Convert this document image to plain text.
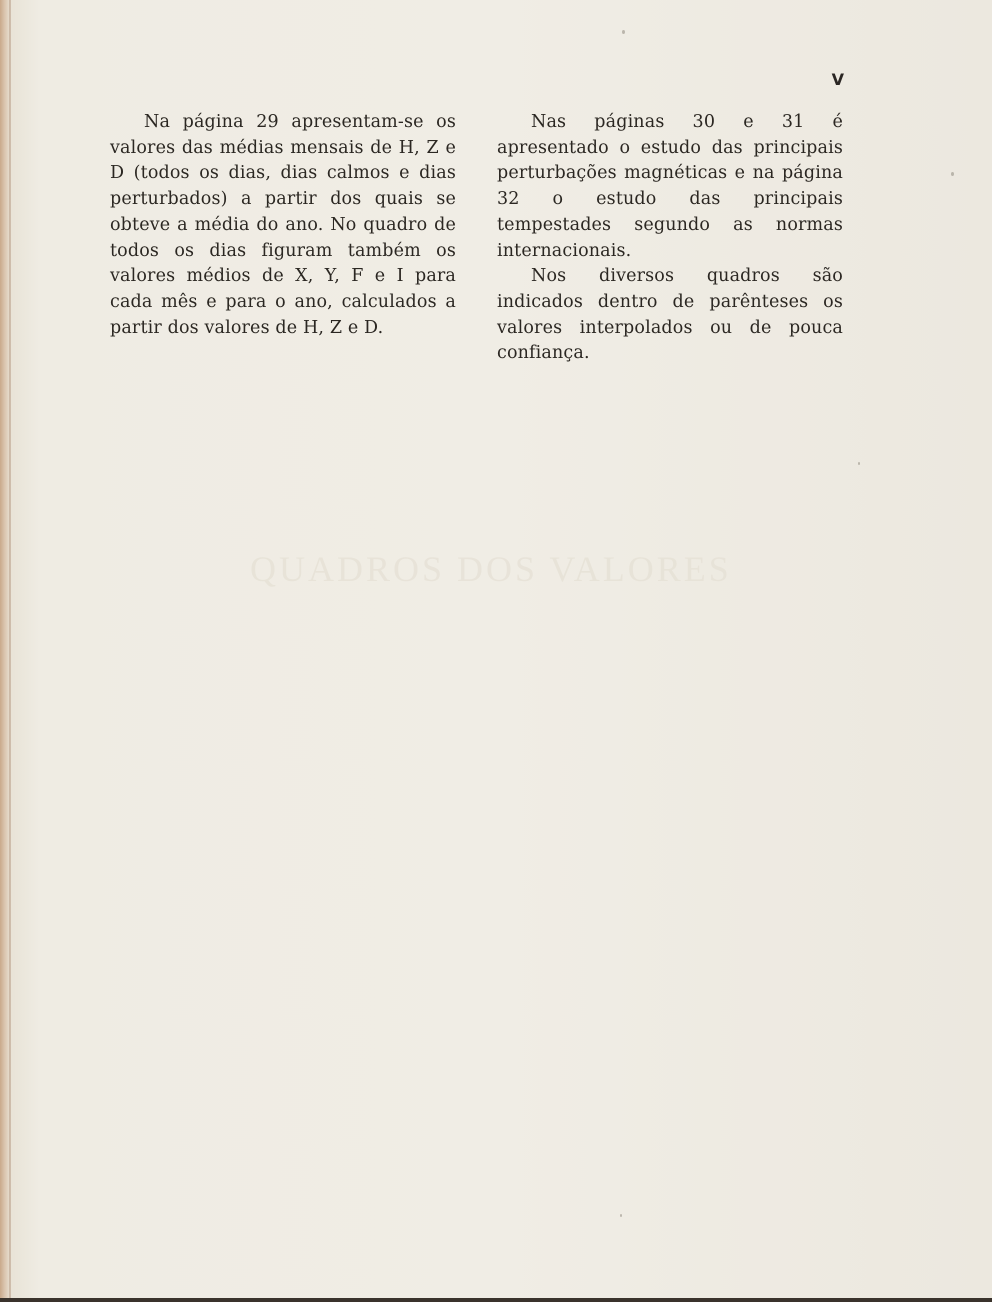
QUADROS DOS VALORES
V

Na página 29 apresentam-se os valores das médias mensais de H, Z e D (todos os dias, dias calmos e dias perturbados) a partir dos quais se obteve a média do ano. No quadro de todos os dias figuram também os valores médios de X, Y, F e I para cada mês e para o ano, calculados a partir dos valores de H, Z e D.

Nas páginas 30 e 31 é apresentado o estudo das principais perturbações magnéticas e na página 32 o estudo das principais tempestades segundo as normas internacionais.

Nos diversos quadros são indicados dentro de parênteses os valores interpolados ou de pouca confiança.
